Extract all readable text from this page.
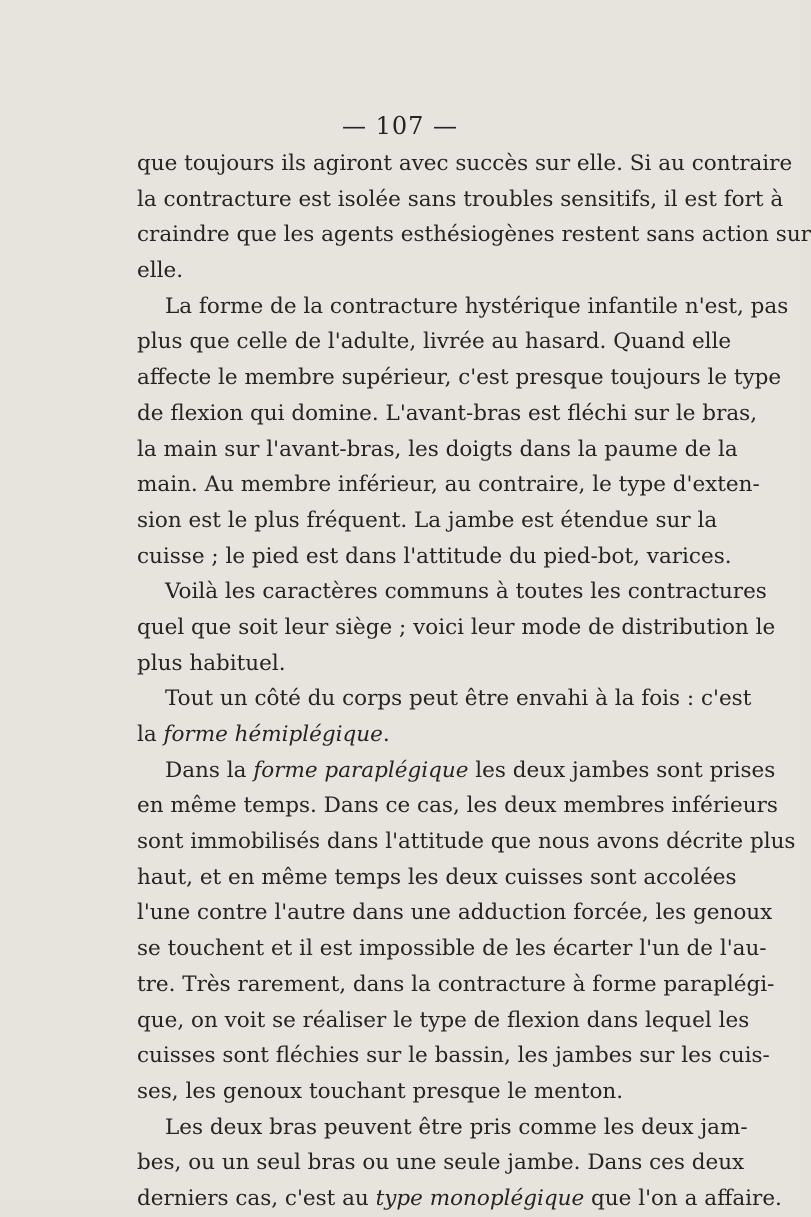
— 107 —
que toujours ils agiront avec succès sur elle. Si au contraire
la contracture est isolée sans troubles sensitifs, il est fort à
craindre que les agents esthésiogènes restent sans action sur
elle.
La forme de la contracture hystérique infantile n'est, pas
plus que celle de l'adulte, livrée au hasard. Quand elle
affecte le membre supérieur, c'est presque toujours le type
de flexion qui domine. L'avant-bras est fléchi sur le bras,
la main sur l'avant-bras, les doigts dans la paume de la
main. Au membre inférieur, au contraire, le type d'exten-
sion est le plus fréquent. La jambe est étendue sur la
cuisse ; le pied est dans l'attitude du pied-bot, varices.
Voilà les caractères communs à toutes les contractures
quel que soit leur siège ; voici leur mode de distribution le
plus habituel.
Tout un côté du corps peut être envahi à la fois : c'est
la forme hémiplégique.
Dans la forme paraplégique les deux jambes sont prises
en même temps. Dans ce cas, les deux membres inférieurs
sont immobilisés dans l'attitude que nous avons décrite plus
haut, et en même temps les deux cuisses sont accolées
l'une contre l'autre dans une adduction forcée, les genoux
se touchent et il est impossible de les écarter l'un de l'au-
tre. Très rarement, dans la contracture à forme paraplégi-
que, on voit se réaliser le type de flexion dans lequel les
cuisses sont fléchies sur le bassin, les jambes sur les cuis-
ses, les genoux touchant presque le menton.
Les deux bras peuvent être pris comme les deux jam-
bes, ou un seul bras ou une seule jambe. Dans ces deux
derniers cas, c'est au type monoplégique que l'on a affaire.
